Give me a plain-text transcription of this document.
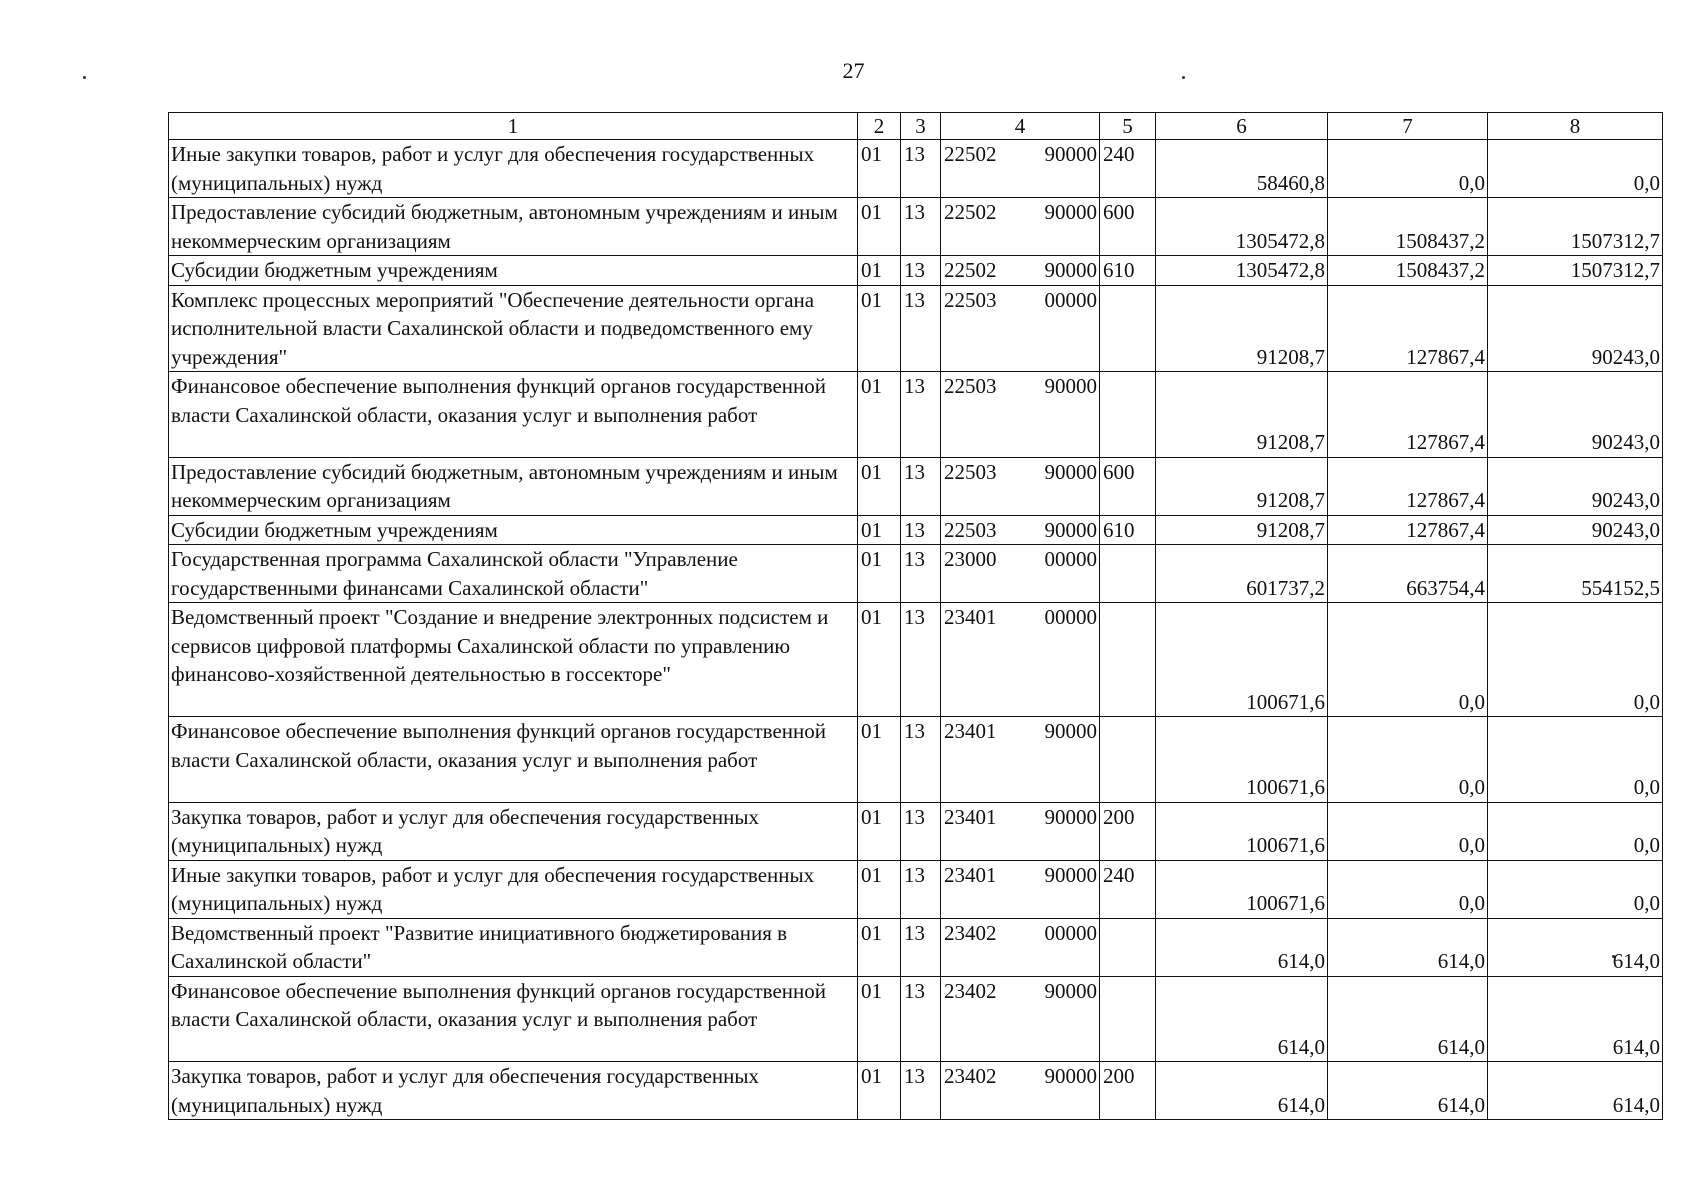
27
1	2	3	4	5	6	7	8
Иные закупки товаров, работ и услуг для обеспечения государственных (муниципальных) нужд	01	13	22502 90000	240	58460,8	0,0	0,0
Предоставление субсидий бюджетным, автономным учреждениям и иным некоммерческим организациям	01	13	22502 90000	600	1305472,8	1508437,2	1507312,7
Субсидии бюджетным учреждениям	01	13	22502 90000	610	1305472,8	1508437,2	1507312,7
Комплекс процессных мероприятий "Обеспечение деятельности органа исполнительной власти Сахалинской области и подведомственного ему учреждения"	01	13	22503 00000		91208,7	127867,4	90243,0
Финансовое обеспечение выполнения функций органов государственной власти Сахалинской области, оказания услуг и выполнения работ	01	13	22503 90000		91208,7	127867,4	90243,0
Предоставление субсидий бюджетным, автономным учреждениям и иным некоммерческим организациям	01	13	22503 90000	600	91208,7	127867,4	90243,0
Субсидии бюджетным учреждениям	01	13	22503 90000	610	91208,7	127867,4	90243,0
Государственная программа Сахалинской области "Управление государственными финансами Сахалинской области"	01	13	23000 00000		601737,2	663754,4	554152,5
Ведомственный проект "Создание и внедрение электронных подсистем и сервисов цифровой платформы Сахалинской области по управлению финансово-хозяйственной деятельностью в госсекторе"	01	13	23401 00000		100671,6	0,0	0,0
Финансовое обеспечение выполнения функций органов государственной власти Сахалинской области, оказания услуг и выполнения работ	01	13	23401 90000		100671,6	0,0	0,0
Закупка товаров, работ и услуг для обеспечения государственных (муниципальных) нужд	01	13	23401 90000	200	100671,6	0,0	0,0
Иные закупки товаров, работ и услуг для обеспечения государственных (муниципальных) нужд	01	13	23401 90000	240	100671,6	0,0	0,0
Ведомственный проект "Развитие инициативного бюджетирования в Сахалинской области"	01	13	23402 00000		614,0	614,0	614,0
Финансовое обеспечение выполнения функций органов государственной власти Сахалинской области, оказания услуг и выполнения работ	01	13	23402 90000		614,0	614,0	614,0
Закупка товаров, работ и услуг для обеспечения государственных (муниципальных) нужд	01	13	23402 90000	200	614,0	614,0	614,0
